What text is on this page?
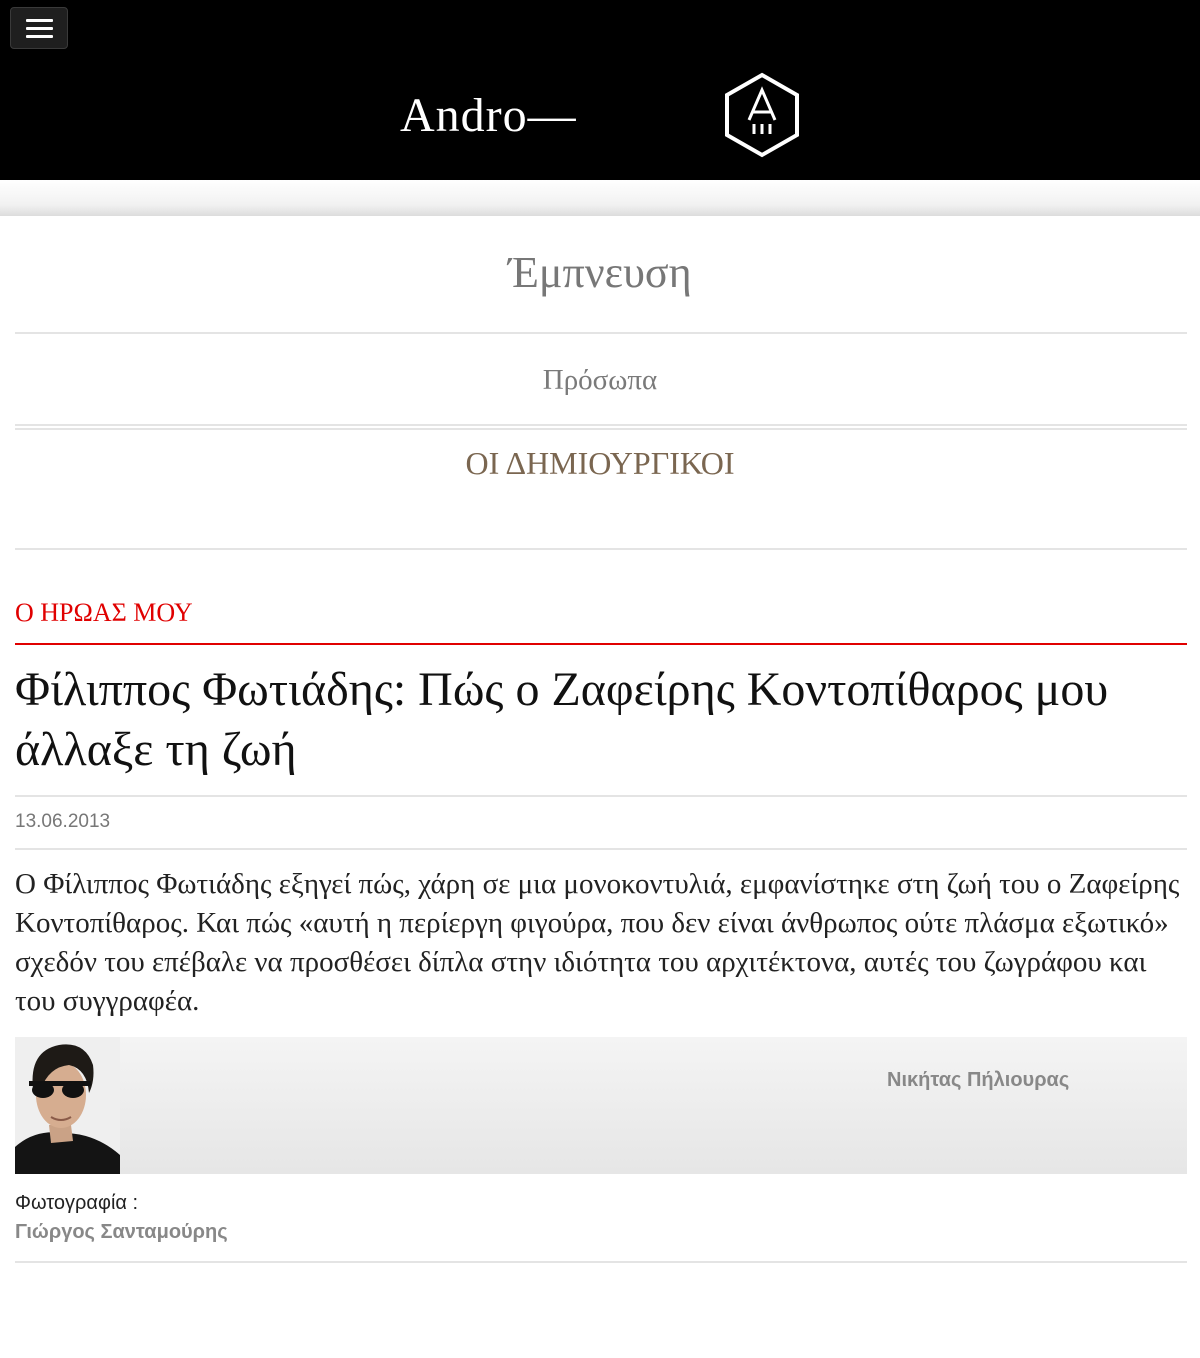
Andro—
Έμπνευση
Πρόσωπα
ΟΙ ΔΗΜΙΟΥΡΓΙΚΟΙ
Ο ΗΡΩΑΣ ΜΟΥ
Φίλιππος Φωτιάδης: Πώς ο Ζαφείρης Κοντοπίθαρος μου άλλαξε τη ζωή
13.06.2013

Ο Φίλιππος Φωτιάδης εξηγεί πώς, χάρη σε μια μονοκοντυλιά, εμφανίστηκε στη ζωή του ο Ζαφείρης Κοντοπίθαρος. Και πώς «αυτή η περίεργη φιγούρα, που δεν είναι άνθρωπος ούτε πλάσμα εξωτικό» σχεδόν του επέβαλε να προσθέσει δίπλα στην ιδιότητα του αρχιτέκτονα, αυτές του ζωγράφου και του συγγραφέα.

Νικήτας Πήλιουρας
Φωτογραφία :
Γιώργος Σανταμούρης
